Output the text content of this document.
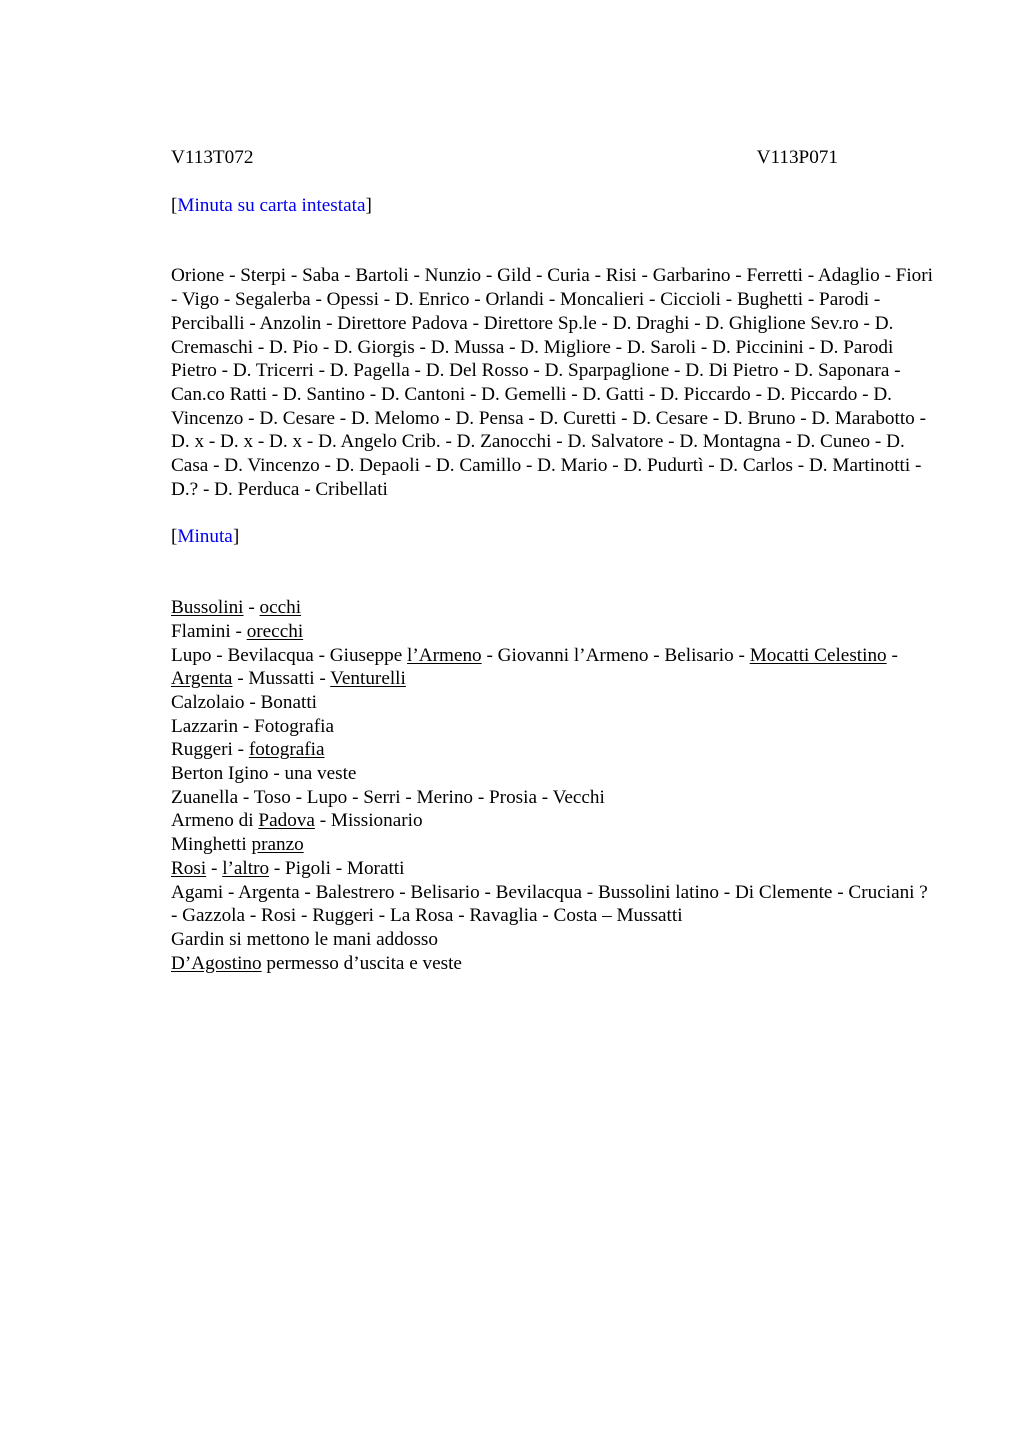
V113T072	V113P071
[Minuta su carta intestata]
Orione - Sterpi - Saba - Bartoli - Nunzio - Gild - Curia - Risi - Garbarino - Ferretti - Adaglio - Fiori - Vigo - Segalerba - Opessi - D. Enrico - Orlandi - Moncalieri - Ciccioli - Bughetti - Parodi - Perciballi - Anzolin - Direttore Padova - Direttore Sp.le - D. Draghi - D. Ghiglione Sev.ro - D. Cremaschi - D. Pio - D. Giorgis - D. Mussa - D. Migliore - D. Saroli - D. Piccinini - D. Parodi Pietro - D. Tricerri - D. Pagella - D. Del Rosso - D. Sparpaglione - D. Di Pietro - D. Saponara - Can.co Ratti - D. Santino - D. Cantoni - D. Gemelli - D. Gatti - D. Piccardo - D. Piccardo - D. Vincenzo - D. Cesare - D. Melomo - D. Pensa - D. Curetti - D. Cesare - D. Bruno - D. Marabotto - D. x - D. x - D. x - D. Angelo Crib. - D. Zanocchi - D. Salvatore - D. Montagna - D. Cuneo - D. Casa - D. Vincenzo - D. Depaoli - D. Camillo - D. Mario - D. Pudurtì - D. Carlos - D. Martinotti - D.? - D. Perduca - Cribellati
[Minuta]
Bussolini - occhi
Flamini - orecchi
Lupo - Bevilacqua - Giuseppe l’Armeno - Giovanni l’Armeno - Belisario - Mocatti Celestino - Argenta - Mussatti - Venturelli
Calzolaio - Bonatti
Lazzarin - Fotografia
Ruggeri - fotografia
Berton Igino - una veste
Zuanella - Toso - Lupo - Serri - Merino - Prosia - Vecchi
Armeno di Padova - Missionario
Minghetti pranzo
Rosi - l’altro - Pigoli - Moratti
Agami - Argenta - Balestrero - Belisario - Bevilacqua - Bussolini latino - Di Clemente - Cruciani ? - Gazzola - Rosi - Ruggeri - La Rosa - Ravaglia - Costa – Mussatti
Gardin si mettono le mani addosso
D’Agostino permesso d’uscita e veste
